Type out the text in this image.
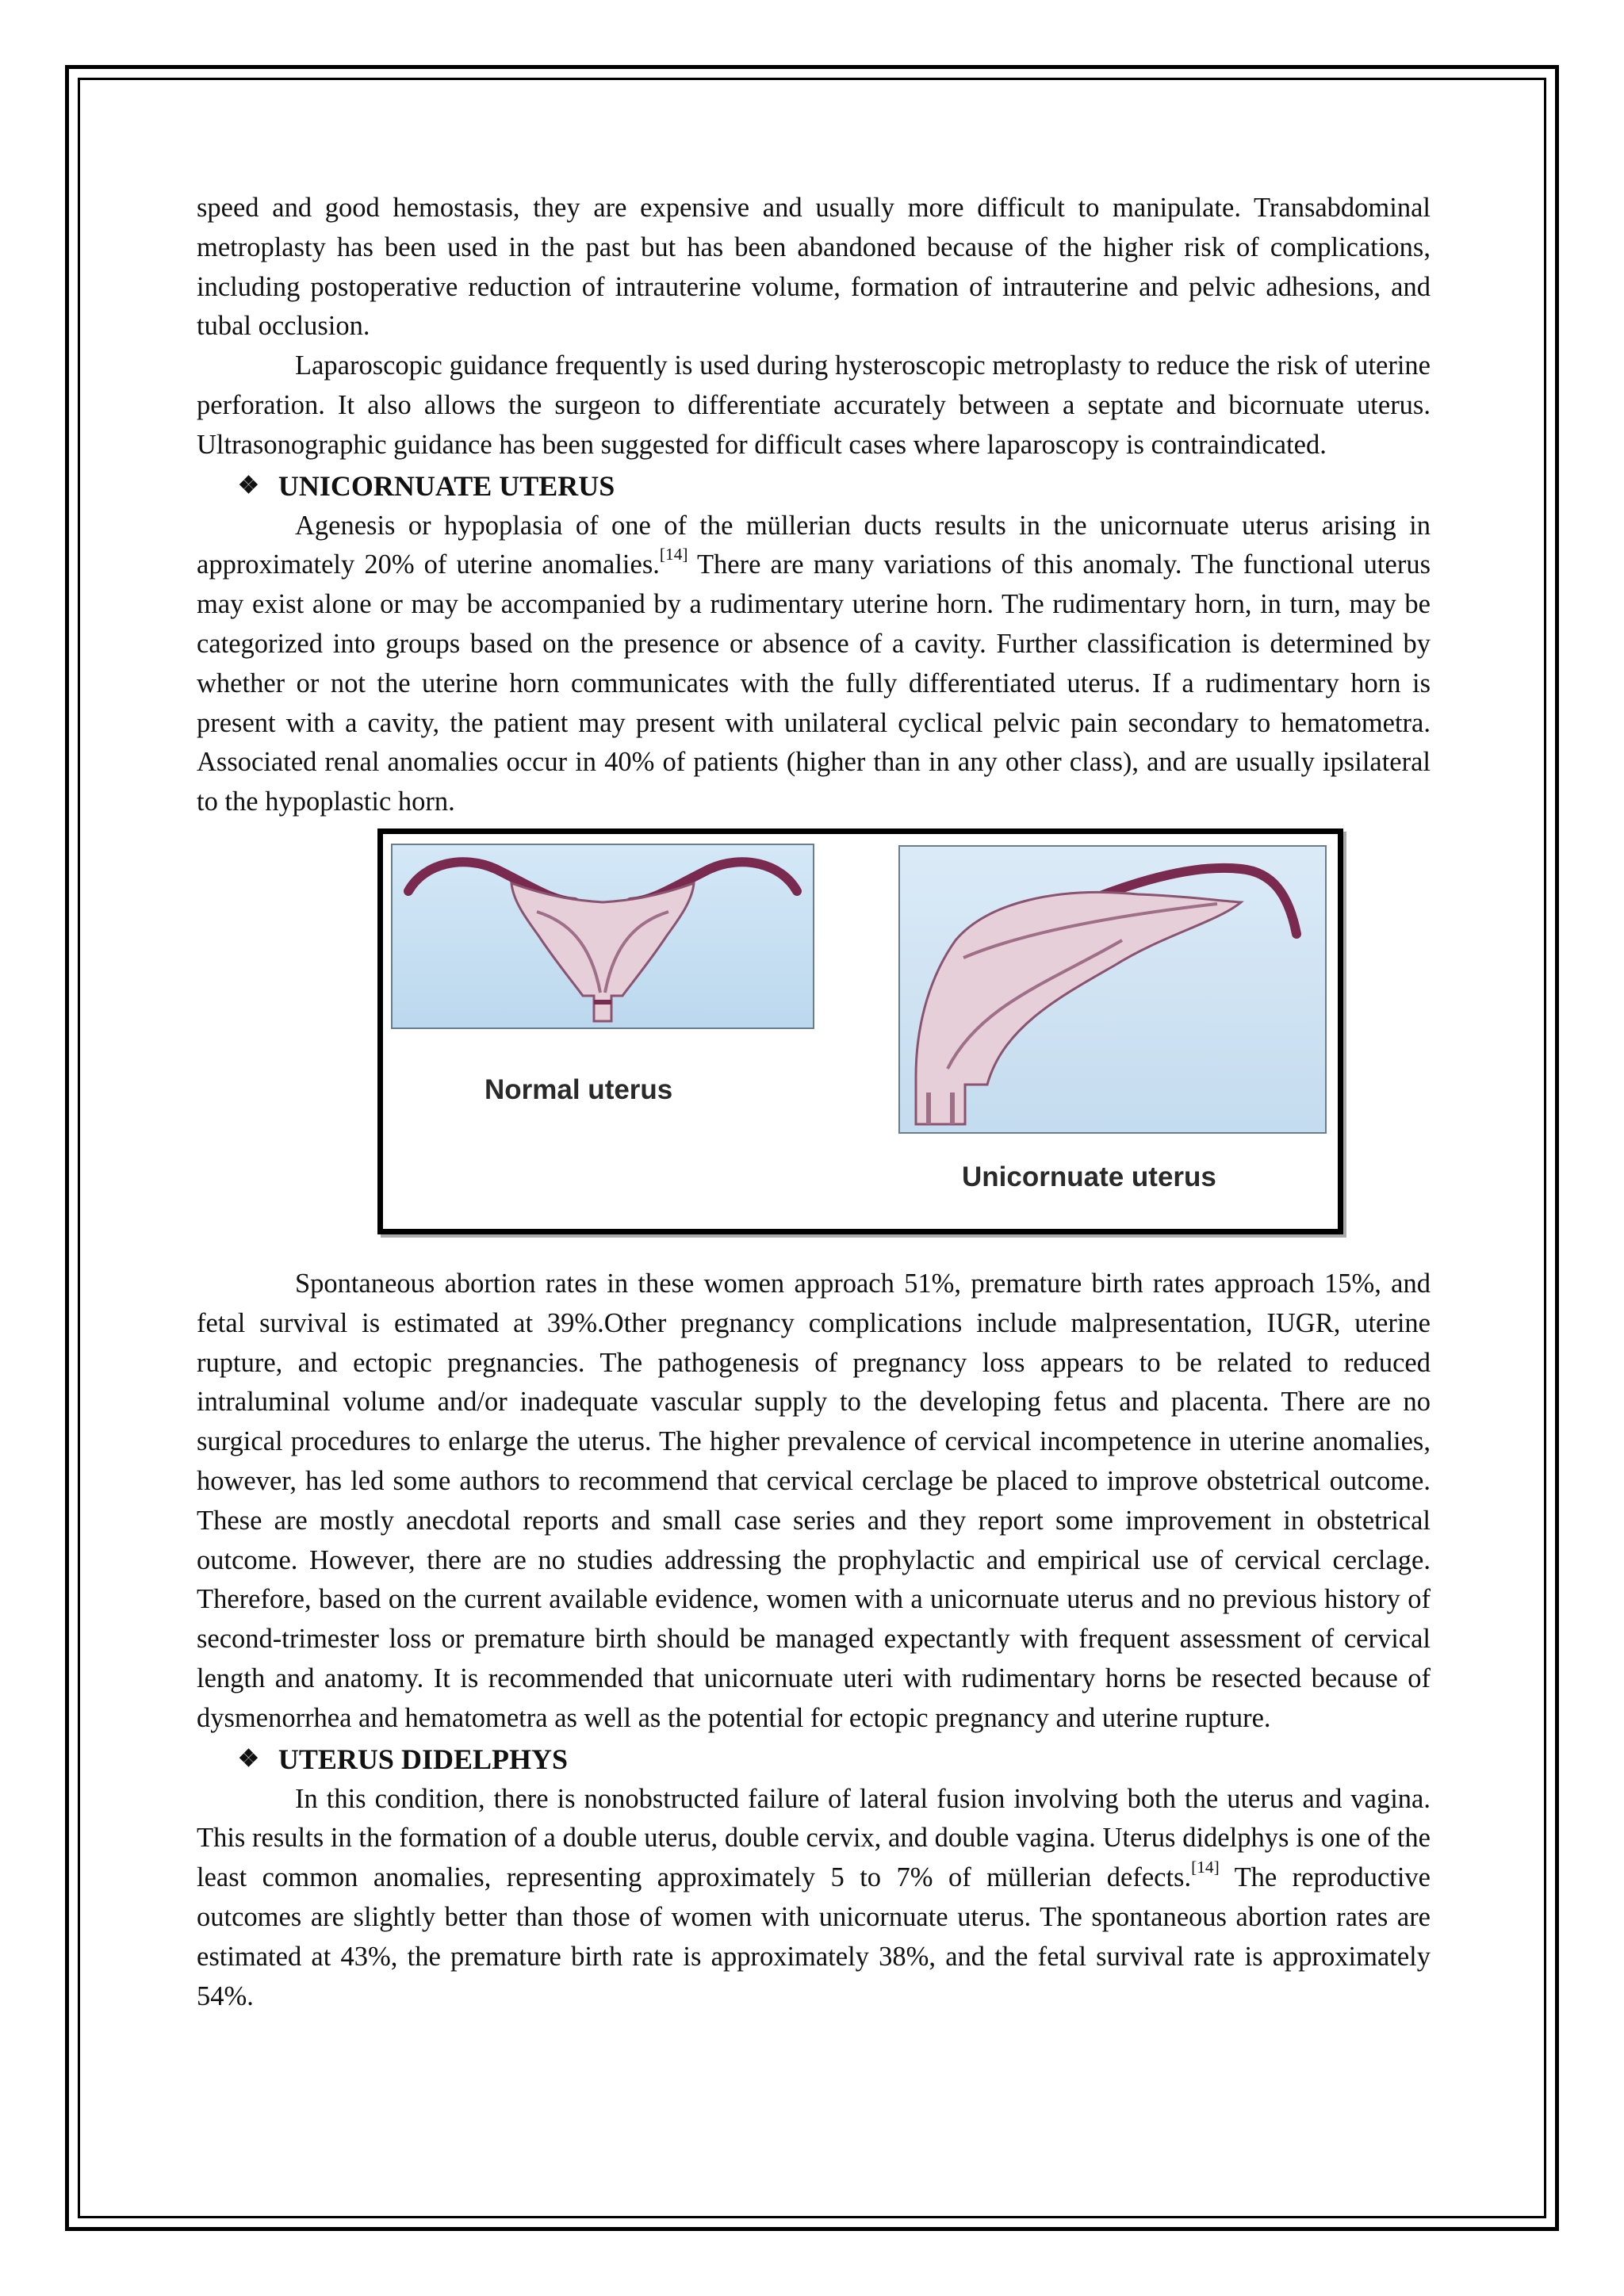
speed and good hemostasis, they are expensive and usually more difficult to manipulate. Transabdominal metroplasty has been used in the past but has been abandoned because of the higher risk of complications, including postoperative reduction of intrauterine volume, formation of intrauterine and pelvic adhesions, and tubal occlusion.

Laparoscopic guidance frequently is used during hysteroscopic metroplasty to reduce the risk of uterine perforation. It also allows the surgeon to differentiate accurately between a septate and bicornuate uterus. Ultrasonographic guidance has been suggested for difficult cases where laparoscopy is contraindicated.

❖ UNICORNUATE UTERUS

Agenesis or hypoplasia of one of the müllerian ducts results in the unicornuate uterus arising in approximately 20% of uterine anomalies.[14] There are many variations of this anomaly. The functional uterus may exist alone or may be accompanied by a rudimentary uterine horn. The rudimentary horn, in turn, may be categorized into groups based on the presence or absence of a cavity. Further classification is determined by whether or not the uterine horn communicates with the fully differentiated uterus. If a rudimentary horn is present with a cavity, the patient may present with unilateral cyclical pelvic pain secondary to hematometra. Associated renal anomalies occur in 40% of patients (higher than in any other class), and are usually ipsilateral to the hypoplastic horn.

Normal uterus
Unicornuate uterus

Spontaneous abortion rates in these women approach 51%, premature birth rates approach 15%, and fetal survival is estimated at 39%.Other pregnancy complications include malpresentation, IUGR, uterine rupture, and ectopic pregnancies. The pathogenesis of pregnancy loss appears to be related to reduced intraluminal volume and/or inadequate vascular supply to the developing fetus and placenta. There are no surgical procedures to enlarge the uterus. The higher prevalence of cervical incompetence in uterine anomalies, however, has led some authors to recommend that cervical cerclage be placed to improve obstetrical outcome. These are mostly anecdotal reports and small case series and they report some improvement in obstetrical outcome. However, there are no studies addressing the prophylactic and empirical use of cervical cerclage. Therefore, based on the current available evidence, women with a unicornuate uterus and no previous history of second-trimester loss or premature birth should be managed expectantly with frequent assessment of cervical length and anatomy. It is recommended that unicornuate uteri with rudimentary horns be resected because of dysmenorrhea and hematometra as well as the potential for ectopic pregnancy and uterine rupture.

❖ UTERUS DIDELPHYS

In this condition, there is nonobstructed failure of lateral fusion involving both the uterus and vagina. This results in the formation of a double uterus, double cervix, and double vagina. Uterus didelphys is one of the least common anomalies, representing approximately 5 to 7% of müllerian defects.[14] The reproductive outcomes are slightly better than those of women with unicornuate uterus. The spontaneous abortion rates are estimated at 43%, the premature birth rate is approximately 38%, and the fetal survival rate is approximately 54%.
